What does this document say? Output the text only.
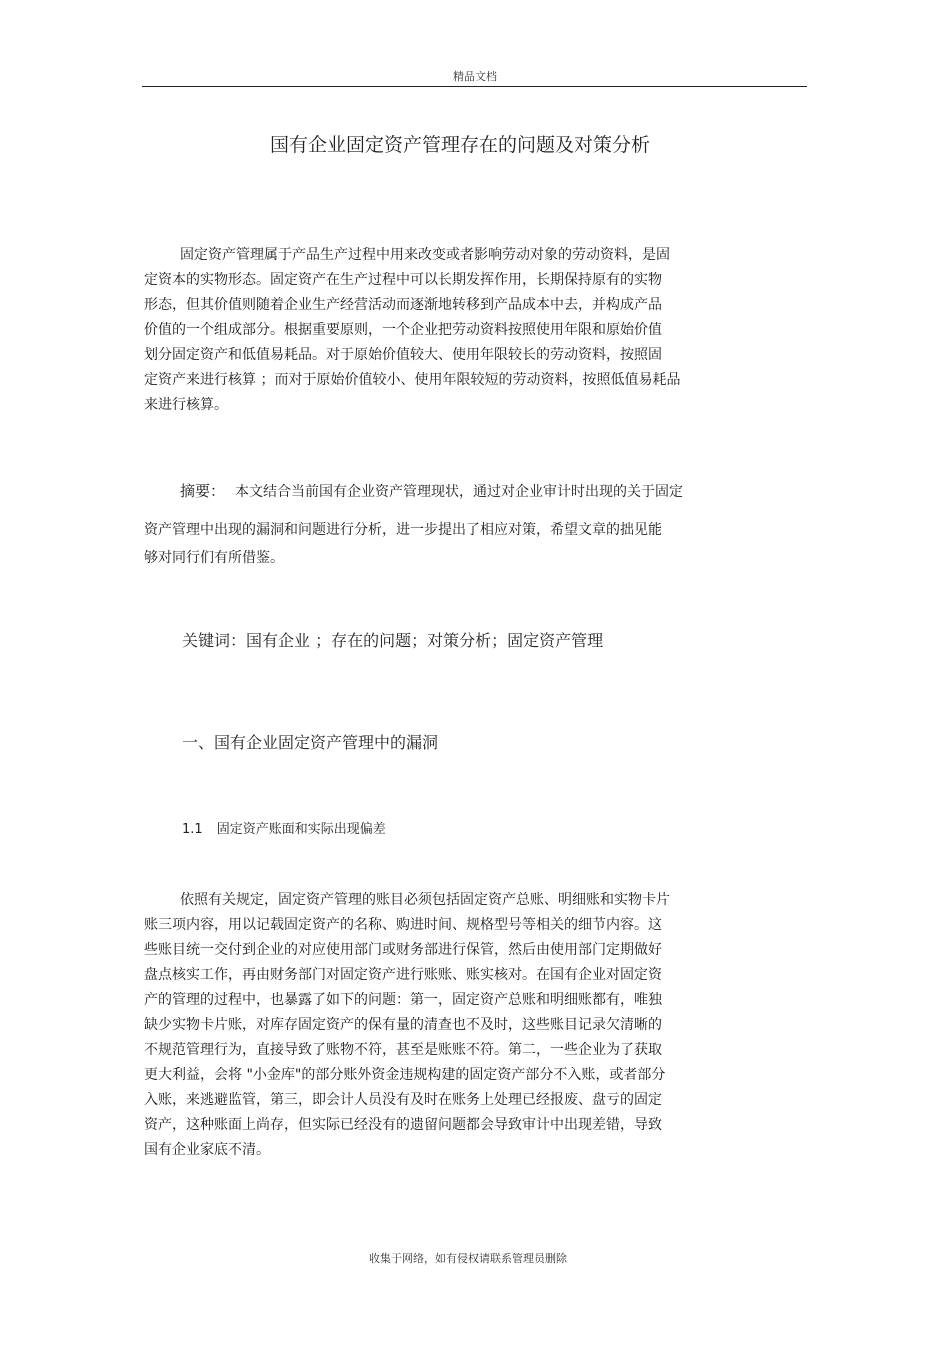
精品文档
国有企业固定资产管理存在的问题及对策分析
固定资产管理属于产品生产过程中用来改变或者影响劳动对象的劳动资料，是固
定资本的实物形态。固定资产在生产过程中可以长期发挥作用，长期保持原有的实物
形态，但其价值则随着企业生产经营活动而逐渐地转移到产品成本中去，并构成产品
价值的一个组成部分。根据重要原则，一个企业把劳动资料按照使用年限和原始价值
划分固定资产和低值易耗品。对于原始价值较大、使用年限较长的劳动资料，按照固
定资产来进行核算 ；而对于原始价值较小、使用年限较短的劳动资料，按照低值易耗品
来进行核算。
摘要： 本文结合当前国有企业资产管理现状，通过对企业审计时出现的关于固定
资产管理中出现的漏洞和问题进行分析，进一步提出了相应对策，希望文章的拙见能
够对同行们有所借鉴。
关键词：国有企业 ；存在的问题；对策分析；固定资产管理
一、国有企业固定资产管理中的漏洞
1.1 固定资产账面和实际出现偏差
依照有关规定，固定资产管理的账目必须包括固定资产总账、明细账和实物卡片
账三项内容，用以记载固定资产的名称、购进时间、规格型号等相关的细节内容。这
些账目统一交付到企业的对应使用部门或财务部进行保管，然后由使用部门定期做好
盘点核实工作，再由财务部门对固定资产进行账账、账实核对。在国有企业对固定资
产的管理的过程中，也暴露了如下的问题：第一，固定资产总账和明细账都有，唯独
缺少实物卡片账，对库存固定资产的保有量的清查也不及时，这些账目记录欠清晰的
不规范管理行为，直接导致了账物不符，甚至是账账不符。第二，一些企业为了获取
更大利益，会将 "小金库"的部分账外资金违规构建的固定资产部分不入账，或者部分
入账，来逃避监管，第三，即会计人员没有及时在账务上处理已经报废、盘亏的固定
资产，这种账面上尚存，但实际已经没有的遗留问题都会导致审计中出现差错，导致
国有企业家底不清。
收集于网络，如有侵权请联系管理员删除
